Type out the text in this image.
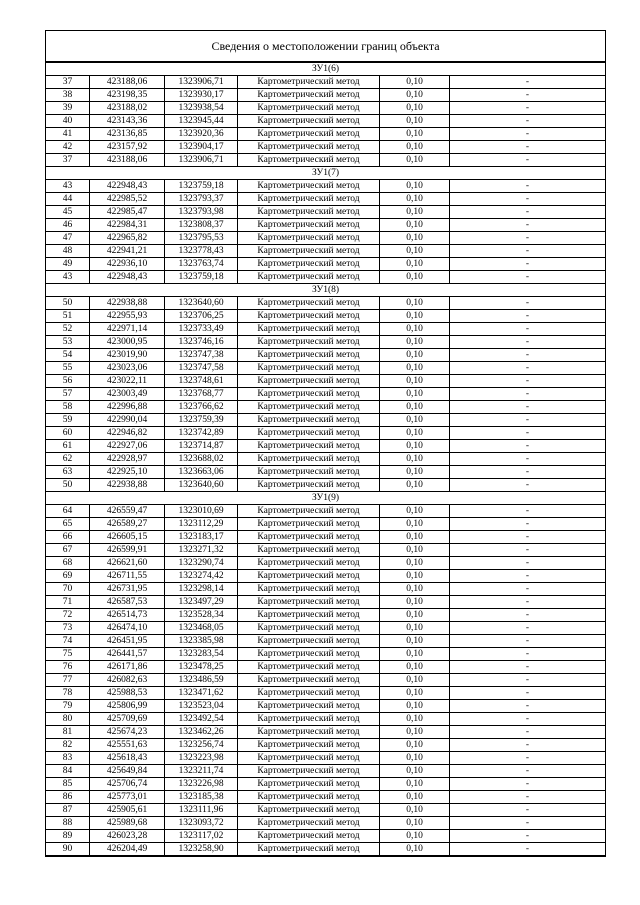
Сведения о местоположении границ объекта					
ЗУ1(6)					
37	423188,06	1323906,71	Картометрический метод	0,10	-
38	423198,35	1323930,17	Картометрический метод	0,10	-
39	423188,02	1323938,54	Картометрический метод	0,10	-
40	423143,36	1323945,44	Картометрический метод	0,10	-
41	423136,85	1323920,36	Картометрический метод	0,10	-
42	423157,92	1323904,17	Картометрический метод	0,10	-
37	423188,06	1323906,71	Картометрический метод	0,10	-
ЗУ1(7)					
43	422948,43	1323759,18	Картометрический метод	0,10	-
44	422985,52	1323793,37	Картометрический метод	0,10	-
45	422985,47	1323793,98	Картометрический метод	0,10	-
46	422984,31	1323808,37	Картометрический метод	0,10	-
47	422965,82	1323795,53	Картометрический метод	0,10	-
48	422941,21	1323778,43	Картометрический метод	0,10	-
49	422936,10	1323763,74	Картометрический метод	0,10	-
43	422948,43	1323759,18	Картометрический метод	0,10	-
ЗУ1(8)					
50	422938,88	1323640,60	Картометрический метод	0,10	-
51	422955,93	1323706,25	Картометрический метод	0,10	-
52	422971,14	1323733,49	Картометрический метод	0,10	-
53	423000,95	1323746,16	Картометрический метод	0,10	-
54	423019,90	1323747,38	Картометрический метод	0,10	-
55	423023,06	1323747,58	Картометрический метод	0,10	-
56	423022,11	1323748,61	Картометрический метод	0,10	-
57	423003,49	1323768,77	Картометрический метод	0,10	-
58	422996,88	1323766,62	Картометрический метод	0,10	-
59	422990,04	1323759,39	Картометрический метод	0,10	-
60	422946,82	1323742,89	Картометрический метод	0,10	-
61	422927,06	1323714,87	Картометрический метод	0,10	-
62	422928,97	1323688,02	Картометрический метод	0,10	-
63	422925,10	1323663,06	Картометрический метод	0,10	-
50	422938,88	1323640,60	Картометрический метод	0,10	-
ЗУ1(9)					
64	426559,47	1323010,69	Картометрический метод	0,10	-
65	426589,27	1323112,29	Картометрический метод	0,10	-
66	426605,15	1323183,17	Картометрический метод	0,10	-
67	426599,91	1323271,32	Картометрический метод	0,10	-
68	426621,60	1323290,74	Картометрический метод	0,10	-
69	426711,55	1323274,42	Картометрический метод	0,10	-
70	426731,95	1323298,14	Картометрический метод	0,10	-
71	426587,53	1323497,29	Картометрический метод	0,10	-
72	426514,73	1323528,34	Картометрический метод	0,10	-
73	426474,10	1323468,05	Картометрический метод	0,10	-
74	426451,95	1323385,98	Картометрический метод	0,10	-
75	426441,57	1323283,54	Картометрический метод	0,10	-
76	426171,86	1323478,25	Картометрический метод	0,10	-
77	426082,63	1323486,59	Картометрический метод	0,10	-
78	425988,53	1323471,62	Картометрический метод	0,10	-
79	425806,99	1323523,04	Картометрический метод	0,10	-
80	425709,69	1323492,54	Картометрический метод	0,10	-
81	425674,23	1323462,26	Картометрический метод	0,10	-
82	425551,63	1323256,74	Картометрический метод	0,10	-
83	425618,43	1323223,98	Картометрический метод	0,10	-
84	425649,84	1323211,74	Картометрический метод	0,10	-
85	425706,74	1323226,98	Картометрический метод	0,10	-
86	425773,01	1323185,38	Картометрический метод	0,10	-
87	425905,61	1323111,96	Картометрический метод	0,10	-
88	425989,68	1323093,72	Картометрический метод	0,10	-
89	426023,28	1323117,02	Картометрический метод	0,10	-
90	426204,49	1323258,90	Картометрический метод	0,10	-
